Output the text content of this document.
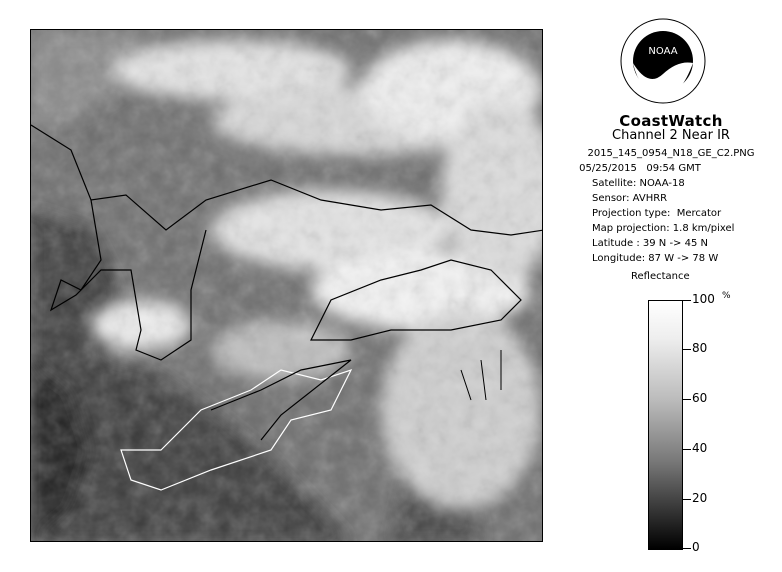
NOAA
CoastWatch
Channel 2 Near IR
2015_145_0954_N18_GE_C2.PNG
05/25/2015   09:54 GMT
Satellite: NOAA-18
Sensor: AVHRR
Projection type:  Mercator
Map projection: 1.8 km/pixel
Latitude : 39 N -> 45 N
Longitude: 87 W -> 78 W
Reflectance
%
100
80
60
40
20
0
